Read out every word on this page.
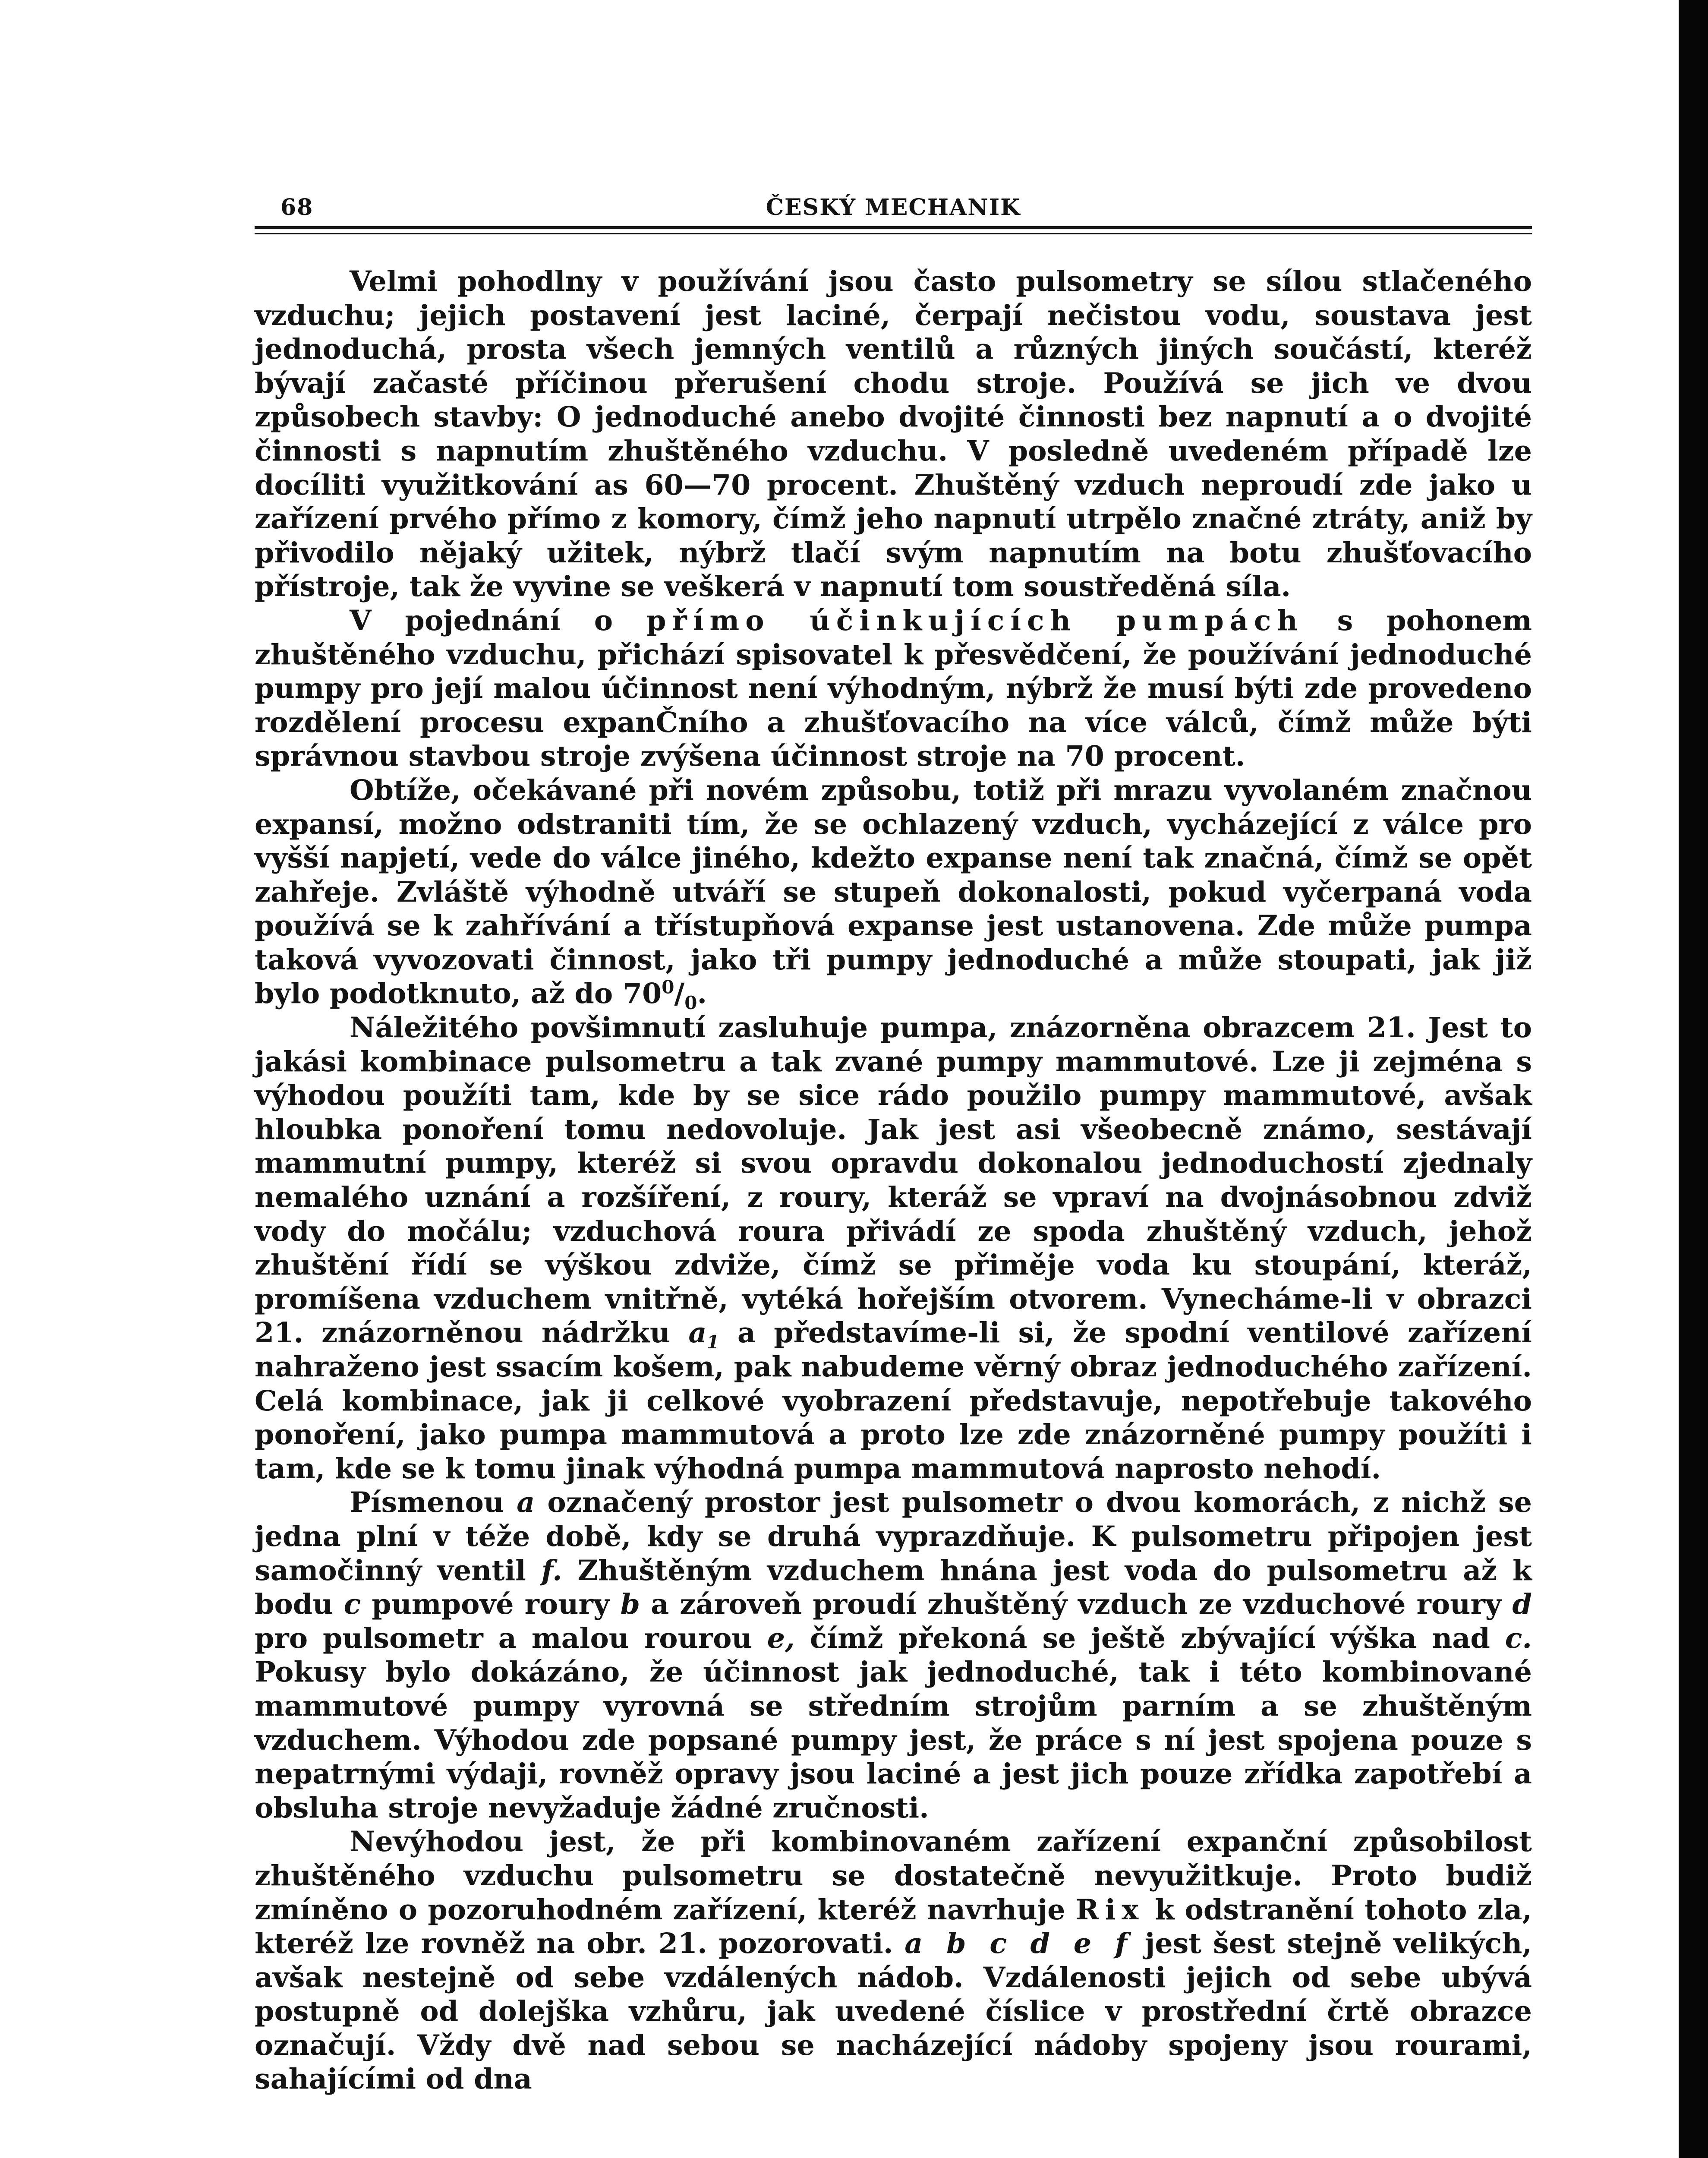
68	ČESKÝ MECHANIK

Velmi pohodlny v používání jsou často pulsometry se sílou stlačeného vzduchu; jejich postavení jest laciné, čerpají nečistou vodu, soustava jest jednoduchá, prosta všech jemných ventilů a různých jiných součástí, kteréž bývají začasté příčinou přerušení chodu stroje. Používá se jich ve dvou způsobech stavby: O jednoduché anebo dvojité činnosti bez napnutí a o dvojité činnosti s napnutím zhuštěného vzduchu. V posledně uvedeném případě lze docíliti využitkování as 60—70 procent. Zhuštěný vzduch neproudí zde jako u zařízení prvého přímo z komory, čímž jeho napnutí utrpělo značné ztráty, aniž by přivodilo nějaký užitek, nýbrž tlačí svým napnutím na botu zhušťovacího přístroje, tak že vyvine se veškerá v napnutí tom soustředěná síla.

V pojednání o přímo účinkujících pumpách s pohonem zhuštěného vzduchu, přichází spisovatel k přesvědčení, že používání jednoduché pumpy pro její malou účinnost není výhodným, nýbrž že musí býti zde provedeno rozdělení procesu expanČního a zhušťovacího na více válců, čímž může býti správnou stavbou stroje zvýšena účinnost stroje na 70 procent.

Obtíže, očekávané při novém způsobu, totiž při mrazu vyvolaném značnou expansí, možno odstraniti tím, že se ochlazený vzduch, vycházející z válce pro vyšší napjetí, vede do válce jiného, kdežto expanse není tak značná, čímž se opět zahřeje. Zvláště výhodně utváří se stupeň dokonalosti, pokud vyčerpaná voda používá se k zahřívání a třístupňová expanse jest ustanovena. Zde může pumpa taková vyvozovati činnost, jako tři pumpy jednoduché a může stoupati, jak již bylo podotknuto, až do $70^0/_0$.

Náležitého povšimnutí zasluhuje pumpa, znázorněna obrazcem 21. Jest to jakási kombinace pulsometru a tak zvané pumpy mammutové. Lze ji zejména s výhodou použíti tam, kde by se sice rádo použilo pumpy mammutové, avšak hloubka ponoření tomu nedovoluje. Jak jest asi všeobecně známo, sestávají mammutní pumpy, kteréž si svou opravdu dokonalou jednoduchostí zjednaly nemalého uznání a rozšíření, z roury, kteráž se vpraví na dvojnásobnou zdviž vody do močálu; vzduchová roura přivádí ze spoda zhuštěný vzduch, jehož zhuštění řídí se výškou zdviže, čímž se přiměje voda ku stoupání, kteráž, promíšena vzduchem vnitřně, vytéká hořejším otvorem. Vynecháme-li v obrazci 21. znázorněnou nádržku $a_1$ a představíme-li si, že spodní ventilové zařízení nahraženo jest ssacím košem, pak nabudeme věrný obraz jednoduchého zařízení. Celá kombinace, jak ji celkové vyobrazení představuje, nepotřebuje takového ponoření, jako pumpa mammutová a proto lze zde znázorněné pumpy použíti i tam, kde se k tomu jinak výhodná pumpa mammutová naprosto nehodí.

Písmenou a označený prostor jest pulsometr o dvou komorách, z nichž se jedna plní v téže době, kdy se druhá vyprazdňuje. K pulsometru připojen jest samočinný ventil f. Zhuštěným vzduchem hnána jest voda do pulsometru až k bodu c pumpové roury b a zároveň proudí zhuštěný vzduch ze vzduchové roury d pro pulsometr a malou rourou e, čímž překoná se ještě zbývající výška nad c. Pokusy bylo dokázáno, že účinnost jak jednoduché, tak i této kombinované mammutové pumpy vyrovná se středním strojům parním a se zhuštěným vzduchem. Výhodou zde popsané pumpy jest, že práce s ní jest spojena pouze s nepatrnými výdaji, rovněž opravy jsou laciné a jest jich pouze zřídka zapotřebí a obsluha stroje nevyžaduje žádné zručnosti.

Nevýhodou jest, že při kombinovaném zařízení expanční způsobilost zhuštěného vzduchu pulsometru se dostatečně nevyužitkuje. Proto budiž zmíněno o pozoruhodném zařízení, kteréž navrhuje Rix k odstranění tohoto zla, kteréž lze rovněž na obr. 21. pozorovati. a b c d e f jest šest stejně velikých, avšak nestejně od sebe vzdálených nádob. Vzdálenosti jejich od sebe ubývá postupně od dolejška vzhůru, jak uvedené číslice v prostřední črtě obrazce označují. Vždy dvě nad sebou se nacházející nádoby spojeny jsou rourami, sahajícími od dna
